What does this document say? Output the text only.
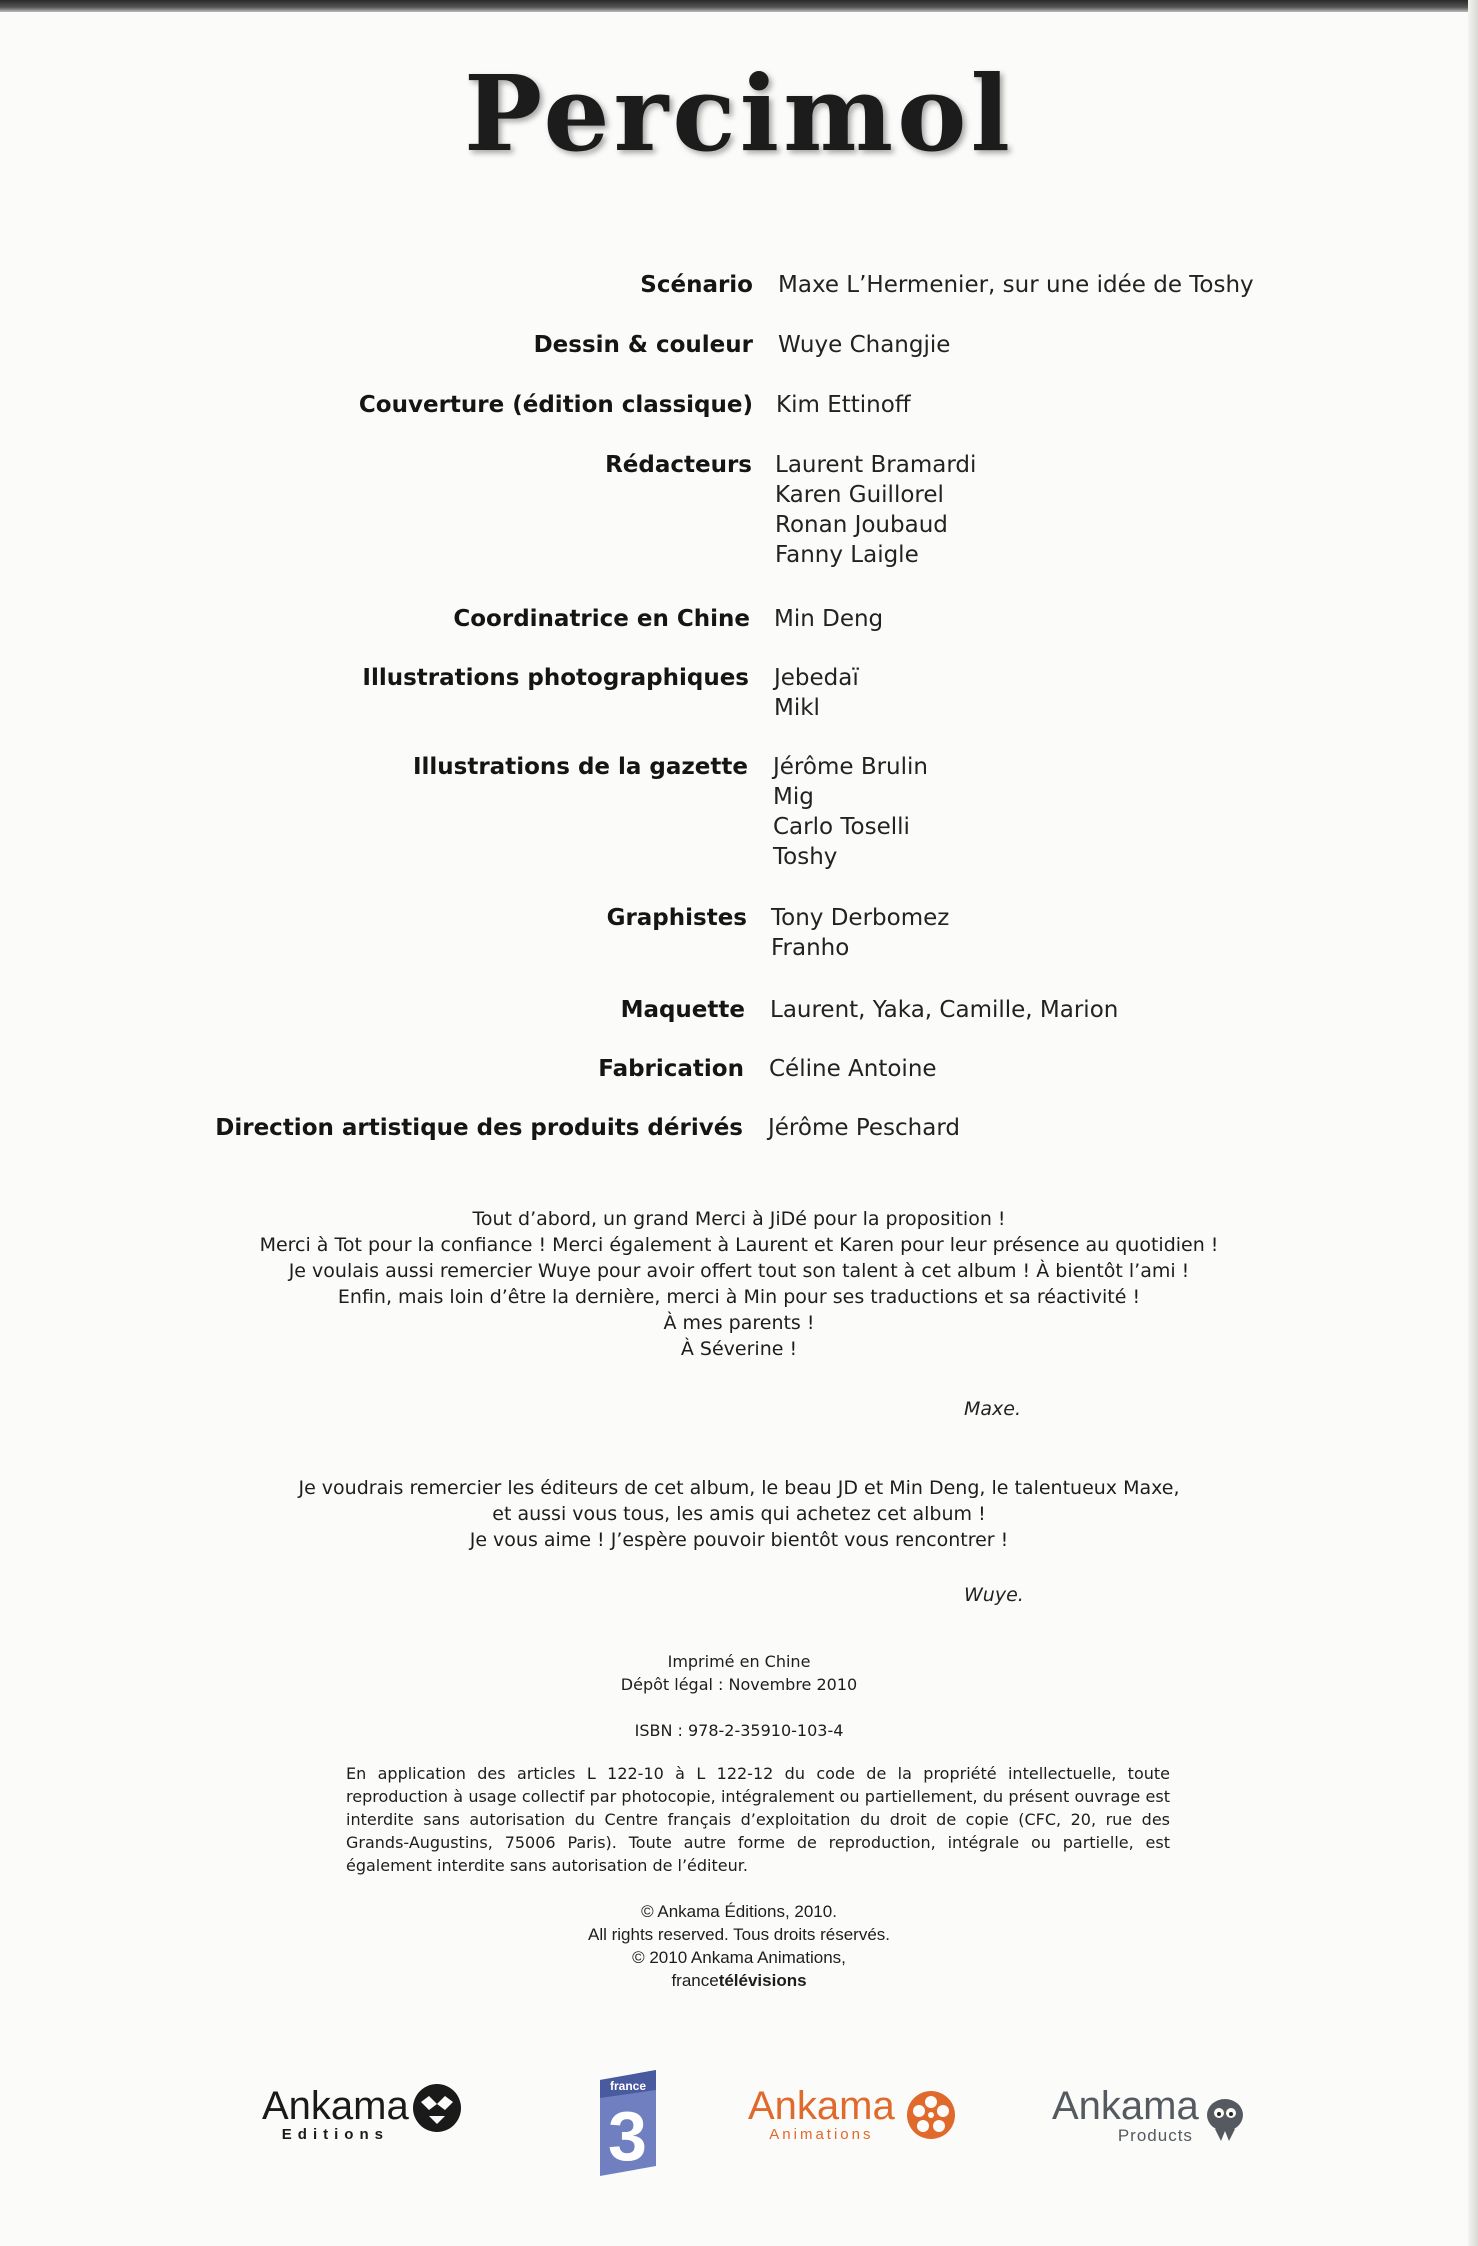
Percimol
Scénario Maxe L’Hermenier, sur une idée de Toshy
Dessin & couleur Wuye Changjie
Couverture (édition classique) Kim Ettinoff
Rédacteurs Laurent Bramardi
Karen Guillorel
Ronan Joubaud
Fanny Laigle
Coordinatrice en Chine Min Deng
Illustrations photographiques Jebedaï
Mikl
Illustrations de la gazette Jérôme Brulin
Mig
Carlo Toselli
Toshy
Graphistes Tony Derbomez
Franho
Maquette Laurent, Yaka, Camille, Marion
Fabrication Céline Antoine
Direction artistique des produits dérivés Jérôme Peschard

Tout d’abord, un grand Merci à JiDé pour la proposition !

Merci à Tot pour la confiance ! Merci également à Laurent et Karen pour leur présence au quotidien !

Je voulais aussi remercier Wuye pour avoir offert tout son talent à cet album ! À bientôt l’ami !

Enfin, mais loin d’être la dernière, merci à Min pour ses traductions et sa réactivité !

À mes parents !

À Séverine !

Maxe.

Je voudrais remercier les éditeurs de cet album, le beau JD et Min Deng, le talentueux Maxe,

et aussi vous tous, les amis qui achetez cet album !

Je vous aime ! J’espère pouvoir bientôt vous rencontrer !

Wuye.

Imprimé en Chine

Dépôt légal : Novembre 2010

ISBN : 978-2-35910-103-4
En application des articles L 122-10 à L 122-12 du code de la propriété intellectuelle, toute reproduction à usage collectif par photocopie, intégralement ou partiellement, du présent ouvrage est interdite sans autorisation du Centre français d’exploitation du droit de copie (CFC, 20, rue des Grands-Augustins, 75006 Paris). Toute autre forme de reproduction, intégrale ou partielle, est également interdite sans autorisation de l’éditeur.

© Ankama Éditions, 2010.

All rights reserved. Tous droits réservés.

© 2010 Ankama Animations,

francetélévisions

Ankama
Editions
france
3	Ankama
Animations
Ankama
Products
